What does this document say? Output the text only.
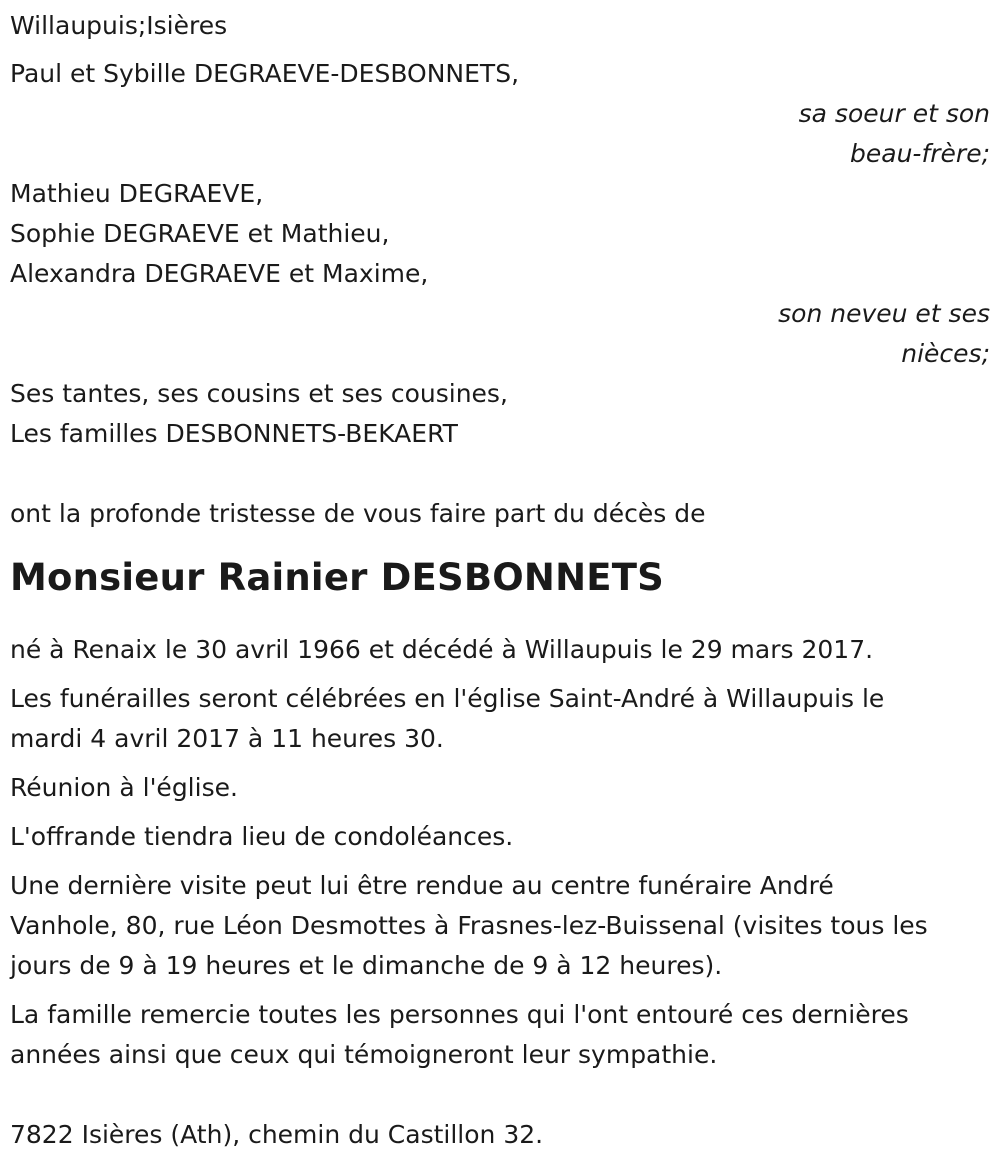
Willaupuis;Isières
Paul et Sybille DEGRAEVE-DESBONNETS,
sa soeur et son
beau-frère;
Mathieu DEGRAEVE,
Sophie DEGRAEVE et Mathieu,
Alexandra DEGRAEVE et Maxime,
son neveu et ses
nièces;
Ses tantes, ses cousins et ses cousines,
Les familles DESBONNETS-BEKAERT
ont la profonde tristesse de vous faire part du décès de
Monsieur Rainier DESBONNETS

né à Renaix le 30 avril 1966 et décédé à Willaupuis le 29 mars 2017.

Les funérailles seront célébrées en l'église Saint-André à Willaupuis le
mardi 4 avril 2017 à 11 heures 30.

Réunion à l'église.

L'offrande tiendra lieu de condoléances.

Une dernière visite peut lui être rendue au centre funéraire André
Vanhole, 80, rue Léon Desmottes à Frasnes-lez-Buissenal (visites tous les
jours de 9 à 19 heures et le dimanche de 9 à 12 heures).

La famille remercie toutes les personnes qui l'ont entouré ces dernières
années ainsi que ceux qui témoigneront leur sympathie.

7822 Isières (Ath), chemin du Castillon 32.
